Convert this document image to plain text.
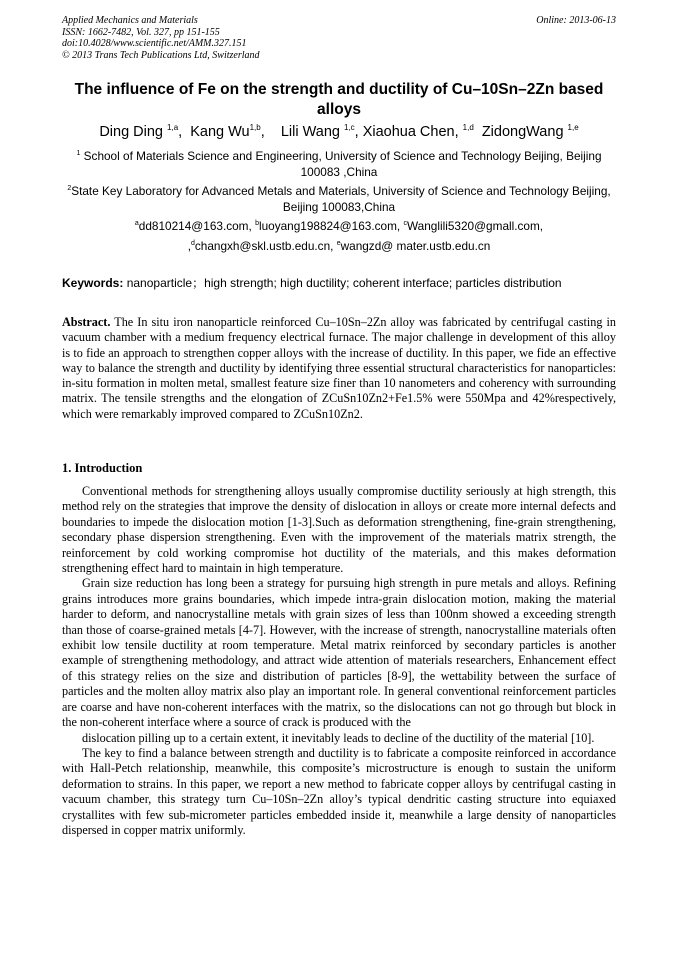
Applied Mechanics and Materials	Online: 2013-06-13
ISSN: 1662-7482, Vol. 327, pp 151-155
doi:10.4028/www.scientific.net/AMM.327.151
© 2013 Trans Tech Publications Ltd, Switzerland
The influence of Fe on the strength and ductility of Cu–10Sn–2Zn based alloys
Ding Ding $^{1,a}$, Kang Wu$^{1,b}$, Lili Wang $^{1,c}$, Xiaohua Chen, $^{1,d}$ ZidongWang $^{1,e}$
$^1$ School of Materials Science and Engineering, University of Science and Technology Beijing, Beijing 100083 ,China
$^2$State Key Laboratory for Advanced Metals and Materials, University of Science and Technology Beijing, Beijing 100083,China
$^a$dd810214@163.com, $^b$luoyang198824@163.com, $^c$Wanglili5320@gmall.com,
,$^d$changxh@skl.ustb.edu.cn, $^e$wangzd@ mater.ustb.edu.cn
Keywords: nanoparticle；high strength; high ductility; coherent interface; particles distribution
Abstract. The In situ iron nanoparticle reinforced Cu–10Sn–2Zn alloy was fabricated by centrifugal casting in vacuum chamber with a medium frequency electrical furnace. The major challenge in development of this alloy is to fide an approach to strengthen copper alloys with the increase of ductility. In this paper, we fide an effective way to balance the strength and ductility by identifying three essential structural characteristics for nanoparticles: in-situ formation in molten metal, smallest feature size finer than 10 nanometers and coherency with surrounding matrix. The tensile strengths and the elongation of ZCuSn10Zn2+Fe1.5% were 550Mpa and 42%respectively, which were remarkably improved compared to ZCuSn10Zn2.
1. Introduction

Conventional methods for strengthening alloys usually compromise ductility seriously at high strength, this method rely on the strategies that improve the density of dislocation in alloys or create more internal defects and boundaries to impede the dislocation motion [1-3].Such as deformation strengthening, fine-grain strengthening, secondary phase dispersion strengthening. Even with the improvement of the materials matrix strength, the reinforcement by cold working compromise hot ductility of the materials, and this makes deformation strengthening effect hard to maintain in high temperature.

Grain size reduction has long been a strategy for pursuing high strength in pure metals and alloys. Refining grains introduces more grains boundaries, which impede intra-grain dislocation motion, making the material harder to deform, and nanocrystalline metals with grain sizes of less than 100nm showed a exceeding strength than those of coarse-grained metals [4-7]. However, with the increase of strength, nanocrystalline materials often exhibit low tensile ductility at room temperature. Metal matrix reinforced by secondary particles is another example of strengthening methodology, and attract wide attention of materials researchers, Enhancement effect of this strategy relies on the size and distribution of particles [8-9], the wettability between the surface of particles and the molten alloy matrix also play an important role. In general conventional reinforcement particles are coarse and have non-coherent interfaces with the matrix, so the dislocations can not go through but block in the non-coherent interface where a source of crack is produced with the

dislocation pilling up to a certain extent, it inevitably leads to decline of the ductility of the material [10].

The key to find a balance between strength and ductility is to fabricate a composite reinforced in accordance with Hall-Petch relationship, meanwhile, this composite’s microstructure is enough to sustain the uniform deformation to strains. In this paper, we report a new method to fabricate copper alloys by centrifugal casting in vacuum chamber, this strategy turn Cu–10Sn–2Zn alloy’s typical dendritic casting structure into equiaxed crystallites with few sub-micrometer particles embedded inside it, meanwhile a large density of nanoparticles dispersed in copper matrix uniformly.
